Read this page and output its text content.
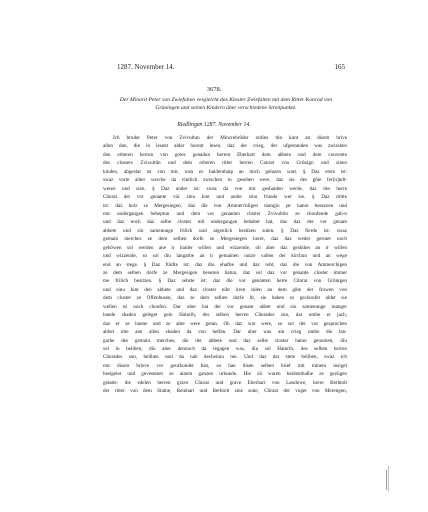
1287. November 14.	165
3678.
Der Minorit Peter von Zwiefalten vergleicht das Kloster Zwiefalten mit dem Ritter Konrad von Grüningen und seinen Kindern über verschiedene Streitpunkte.
Riedlingen 1287. November 14.
Ich bruder Peter von Zvivultun der Mincrebrůder ordins tůn kunt an disem brive
allen den, die in lesent alder horent lesen, daz der crieg, der ufgestanden was zwisshen
den erberen herrun von gotes genadun herren Eberhart dem abbete und dem convente
des closters Zvivultůn und dem erberen ritter herren Cunrat von Grůnign und sinen
kinden, abgeslat ist von mir, wan ez baidenthalp an mich gelazen wart. § Daz erste ist:
swaz vorte alder werche da vintlich zwischen in gesehen were, daz sie des gůte fer[u]ndt-
weren und sien. § Daz ander ist: swaz da von mir geshaiden werde, daz des herre
Cůnrat der vor genante vür sinu kint und ander sinu frunde wer sie. § Daz dritte
ist: daz holz ze Mergesiegen, daz die von Ammerchligen mangiu jar hatun besezzen und
mit undergangen beheptun und dem vor genanten closter Zvivultůn ze chonfende gab-n
und daz noch daz selbe closter mit undergangen behabet hat, daz daz der vor genant
abbete und sin samenunge frilich und aigenlich besitzen sulen. § Daz fierde ist: swaz
gemain merches ze dem selben dorfe ze Mergesiegen horet, daz daz weder gerutet noch
gehöwen sol werden ane ir baider willen und wizzende, ob aber daz geshihet an ir willen
und wizzende, so sol diu langarbe an ir gemainen nutze vallen der kirchun und an wege
end an stege. § Daz fünfte ist: daz diu ehaftie und daz reht, daz die von Ammerchigen
ze dem selben dorfe ze Mergesigen besezen hatun, daz sol daz vor genante closter immer
me frilich besitzen. § Daz sehste ist: daz die vor genanten herre Cůnrat von Grůnigen
und sinu kint den abbete und daz closter niht irren sulen an dem gůte der frowen von
dem closter ze Offenhusen, daz ze dem selben dorfe lit, sie haben ez gechoufet alder sie
wellen ez noch choufen. Dar uber hat der vor genant abbet und sin samenunge manger
hande shaden geleget gein Hainrih, des selben herren Cůnrades sun, dar umbe er jach,
daz er ze banne und ze ahte were getan. Ob daz war were, so sol der vor gesprochen
abbet ime ane allen shaden da von helfen. Dar uber was ain crieg umbe die lan-
garbe des gemain merches, die der abbete und daz selbe closter hatun genomen, diu
sol in beliben, diu aber dennoch da regagen was, diu sol Hainrih, des selben herren
Cůnrades sun, beliben und da nah decheiniu me. Und daz dar stete beliben, swaz ich
mit disem brieve vor geurkundet han, so han disen selben brief mit minem insigel
besigelet und gevestenet ze ainem ganzen urkunde. Hie zů waren beidenthalbe ze gezügen
gelatte: die edelen herren grave Cůnrat und grave Eberhart von Landowe, herre Berhtolt
der ritter von dem Staine, Reinhart und Berhtolt sine sune, Cůnrat der voget von Merengen,
